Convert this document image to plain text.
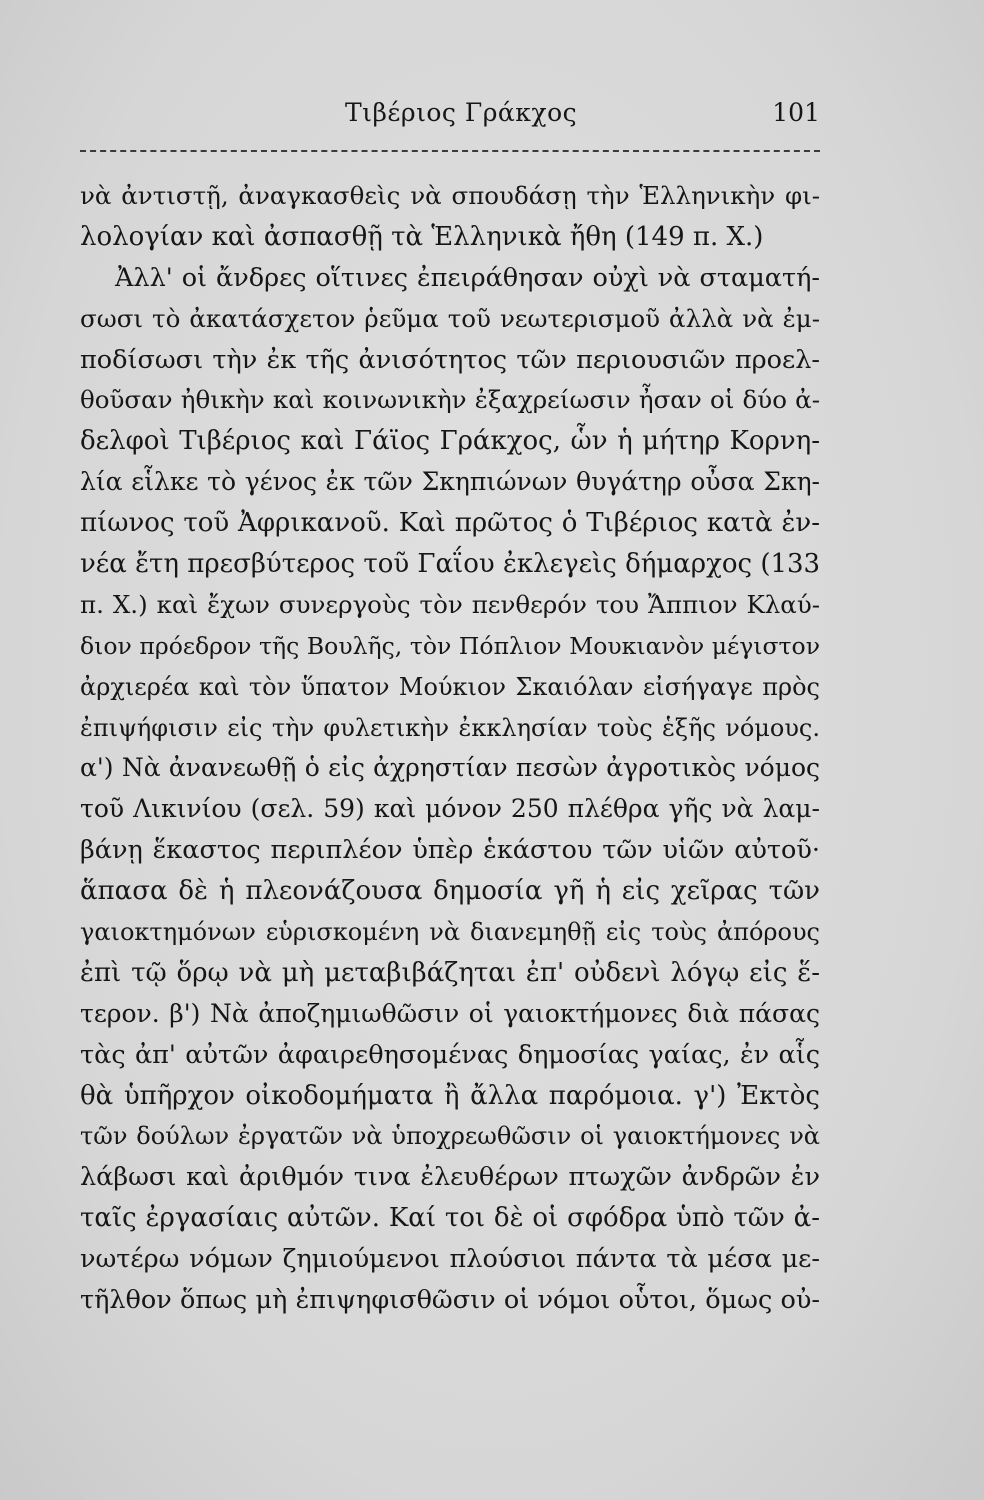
Τιβέριος Γράκχος	101
νὰ ἀντιστῇ, ἀναγκασθεὶς νὰ σπουδάσῃ τὴν Ἑλληνικὴν φι-
λολογίαν καὶ ἀσπασθῇ τὰ Ἑλληνικὰ ἤθη (149 π. Χ.)
Ἀλλ' οἱ ἄνδρες οἵτινες ἐπειράθησαν οὐχὶ νὰ σταματή-
σωσι τὸ ἀκατάσχετον ῥεῦμα τοῦ νεωτερισμοῦ ἀλλὰ νὰ ἐμ-
ποδίσωσι τὴν ἐκ τῆς ἀνισότητος τῶν περιουσιῶν προελ-
θοῦσαν ἠθικὴν καὶ κοινωνικὴν ἐξαχρείωσιν ἦσαν οἱ δύο ἀ-
δελφοὶ Τιβέριος καὶ Γάϊος Γράκχος, ὧν ἡ μήτηρ Κορνη-
λία εἷλκε τὸ γένος ἐκ τῶν Σκηπιώνων θυγάτηρ οὖσα Σκη-
πίωνος τοῦ Ἀφρικανοῦ. Καὶ πρῶτος ὁ Τιβέριος κατὰ ἐν-
νέα ἔτη πρεσβύτερος τοῦ Γαΐου ἐκλεγεὶς δήμαρχος (133
π. Χ.) καὶ ἔχων συνεργοὺς τὸν πενθερόν του Ἄππιον Κλαύ-
διον πρόεδρον τῆς Βουλῆς, τὸν Πόπλιον Μουκιανὸν μέγιστον
ἀρχιερέα καὶ τὸν ὕπατον Μούκιον Σκαιόλαν εἰσήγαγε πρὸς
ἐπιψήφισιν εἰς τὴν φυλετικὴν ἐκκλησίαν τοὺς ἑξῆς νόμους.
α') Νὰ ἀνανεωθῇ ὁ εἰς ἀχρηστίαν πεσὼν ἀγροτικὸς νόμος
τοῦ Λικινίου (σελ. 59) καὶ μόνον 250 πλέθρα γῆς νὰ λαμ-
βάνῃ ἕκαστος περιπλέον ὑπὲρ ἑκάστου τῶν υἱῶν αὐτοῦ·
ἅπασα δὲ ἡ πλεονάζουσα δημοσία γῆ ἡ εἰς χεῖρας τῶν
γαιοκτημόνων εὑρισκομένη νὰ διανεμηθῇ εἰς τοὺς ἀπόρους
ἐπὶ τῷ ὅρῳ νὰ μὴ μεταβιβάζηται ἐπ' οὐδενὶ λόγῳ εἰς ἕ-
τερον. β') Νὰ ἀποζημιωθῶσιν οἱ γαιοκτήμονες διὰ πάσας
τὰς ἀπ' αὐτῶν ἀφαιρεθησομένας δημοσίας γαίας, ἐν αἷς
θὰ ὑπῆρχον οἰκοδομήματα ἢ ἄλλα παρόμοια. γ') Ἐκτὸς
τῶν δούλων ἐργατῶν νὰ ὑποχρεωθῶσιν οἱ γαιοκτήμονες νὰ
λάβωσι καὶ ἀριθμόν τινα ἐλευθέρων πτωχῶν ἀνδρῶν ἐν
ταῖς ἐργασίαις αὐτῶν. Καί τοι δὲ οἱ σφόδρα ὑπὸ τῶν ἀ-
νωτέρω νόμων ζημιούμενοι πλούσιοι πάντα τὰ μέσα με-
τῆλθον ὅπως μὴ ἐπιψηφισθῶσιν οἱ νόμοι οὗτοι, ὅμως οὐ-
